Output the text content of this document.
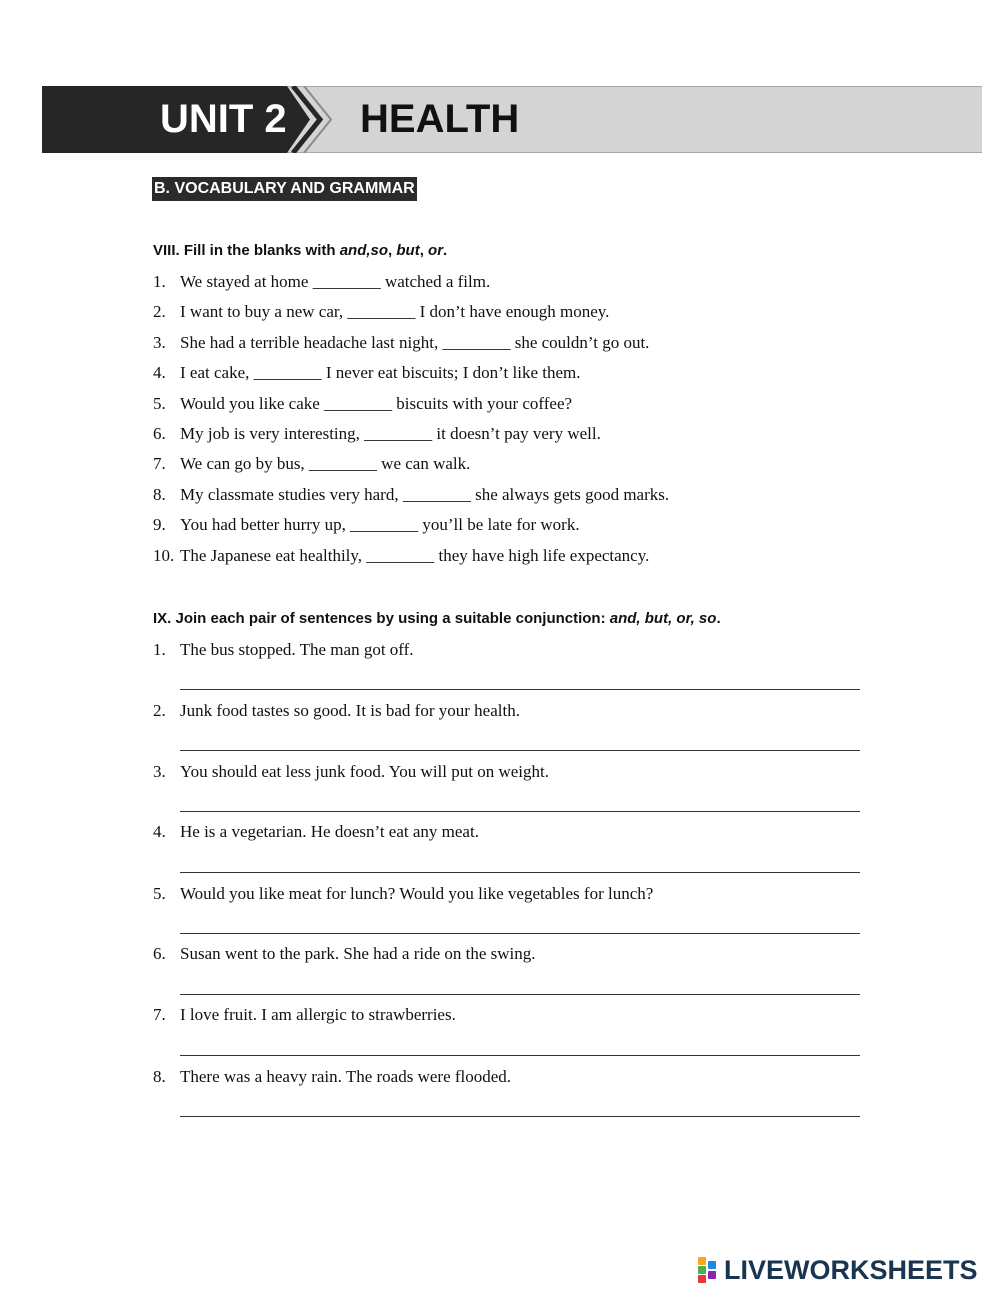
UNIT 2 HEALTH
B. VOCABULARY AND GRAMMAR
VIII. Fill in the blanks with and,so, but, or.
1. We stayed at home ________ watched a film.
2. I want to buy a new car, ________ I don’t have enough money.
3. She had a terrible headache last night, ________ she couldn’t go out.
4. I eat cake, ________ I never eat biscuits; I don’t like them.
5. Would you like cake ________ biscuits with your coffee?
6. My job is very interesting, ________ it doesn’t pay very well.
7. We can go by bus, ________ we can walk.
8. My classmate studies very hard, ________ she always gets good marks.
9. You had better hurry up, ________ you’ll be late for work.
10. The Japanese eat healthily, ________ they have high life expectancy.
IX. Join each pair of sentences by using a suitable conjunction: and, but, or, so.
1. The bus stopped. The man got off.
2. Junk food tastes so good. It is bad for your health.
3. You should eat less junk food. You will put on weight.
4. He is a vegetarian. He doesn’t eat any meat.
5. Would you like meat for lunch? Would you like vegetables for lunch?
6. Susan went to the park. She had a ride on the swing.
7. I love fruit. I am allergic to strawberries.
8. There was a heavy rain. The roads were flooded.
LIVEWORKSHEETS
